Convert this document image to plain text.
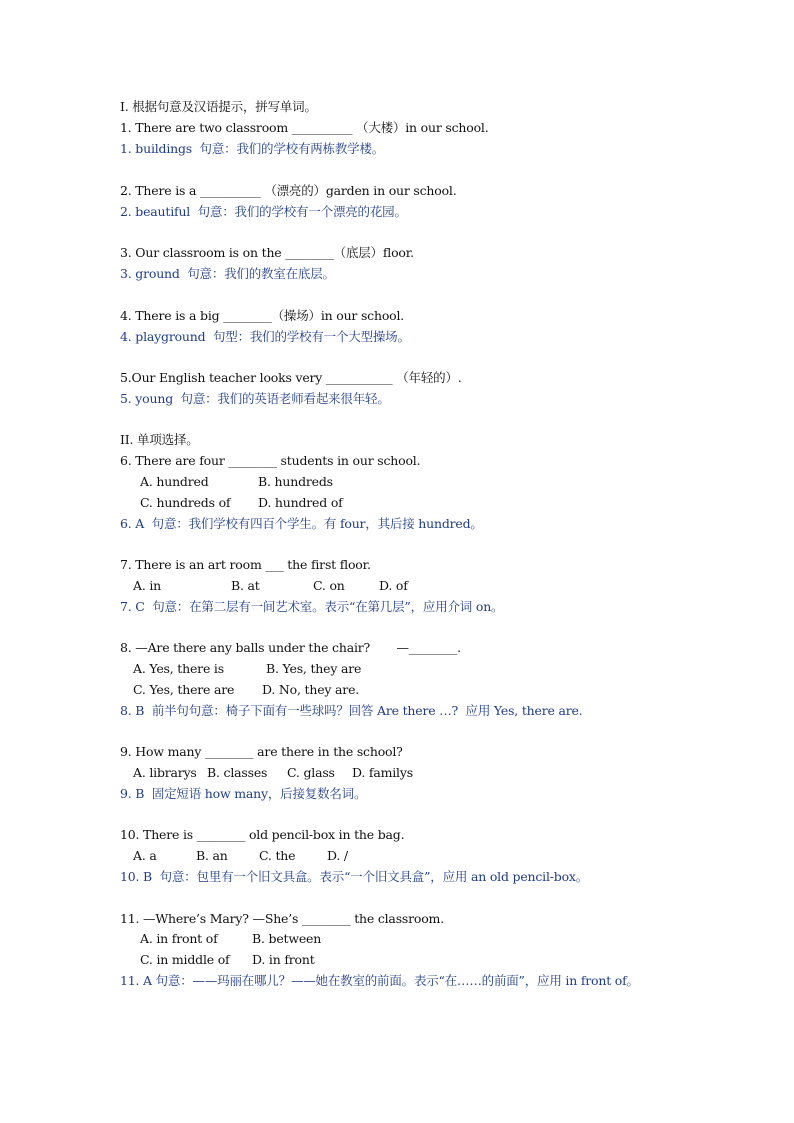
I. 根据句意及汉语提示，拼写单词。
1. There are two classroom __________ （大楼）in our school.
1. buildings  句意：我们的学校有两栋教学楼。
2. There is a __________ （漂亮的）garden in our school.
2. beautiful  句意：我们的学校有一个漂亮的花园。
3. Our classroom is on the ________（底层）floor.
3. ground  句意：我们的教室在底层。
4. There is a big ________（操场）in our school.
4. playground  句型：我们的学校有一个大型操场。
5.Our English teacher looks very ___________ （年轻的）.
5. young  句意：我们的英语老师看起来很年轻。
II. 单项选择。
6. There are four ________ students in our school.
A. hundred	B. hundreds
C. hundreds of D. hundred of
6. A  句意：我们学校有四百个学生。有 four，其后接 hundred。
7. There is an art room ___ the first floor.
A. in	B. at	C. on	D. of
7. C  句意：在第二层有一间艺术室。表示“在第几层”，应用介词 on。
8. —Are there any balls under the chair?       —________.
A. Yes, there is	B. Yes, they are
C. Yes, there are D. No, they are.
8. B  前半句句意：椅子下面有一些球吗？回答 Are there …?  应用 Yes, there are.
9. How many ________ are there in the school?
A. librarys B. classes C. glass D. familys
9. B  固定短语 how many，后接复数名词。
10. There is ________ old pencil-box in the bag.
A. a	B. an	C. the	D. /
10. B  句意：包里有一个旧文具盒。表示“一个旧文具盒”，应用 an old pencil-box。
11. —Where’s Mary? —She’s ________ the classroom.
A. in front of	B. between
C. in middle of D. in front
11. A 句意：——玛丽在哪儿？——她在教室的前面。表示“在……的前面”，应用 in front of。
